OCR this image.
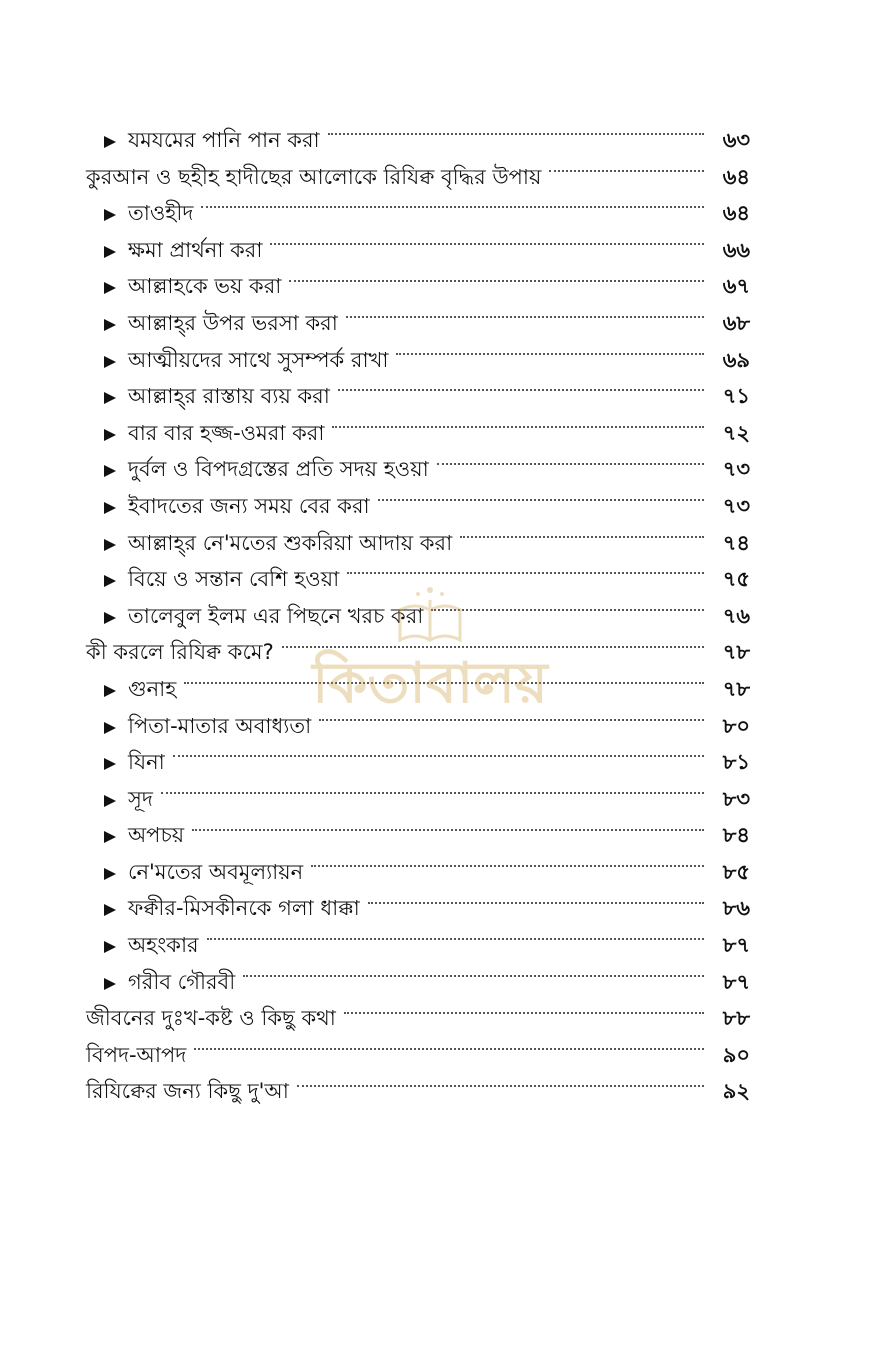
যমযমের পানি পান করা	৬৩
কুরআন ও ছহীহ হাদীছের আলোকে রিযিক্ব বৃদ্ধির উপায়	৬৪
তাওহীদ	৬৪
ক্ষমা প্রার্থনা করা	৬৬
আল্লাহকে ভয় করা	৬৭
আল্লাহ্‌র উপর ভরসা করা	৬৮
আত্মীয়দের সাথে সুসম্পর্ক রাখা	৬৯
আল্লাহ্‌র রাস্তায় ব্যয় করা	৭১
বার বার হজ্জ-ওমরা করা	৭২
দুর্বল ও বিপদগ্রস্তের প্রতি সদয় হওয়া	৭৩
ইবাদতের জন্য সময় বের করা	৭৩
আল্লাহ্‌র নে'মতের শুকরিয়া আদায় করা	৭৪
বিয়ে ও সন্তান বেশি হওয়া	৭৫
তালেবুল ইলম এর পিছনে খরচ করা	৭৬
কী করলে রিযিক্ব কমে?	৭৮
গুনাহ	৭৮
পিতা-মাতার অবাধ্যতা	৮০
যিনা	৮১
সূদ	৮৩
অপচয়	৮৪
নে'মতের অবমূল্যায়ন	৮৫
ফক্বীর-মিসকীনকে গলা ধাক্কা	৮৬
অহংকার	৮৭
গরীব গৌরবী	৮৭
জীবনের দুঃখ-কষ্ট ও কিছু কথা	৮৮
বিপদ-আপদ	৯০
রিযিক্বের জন্য কিছু দু'আ	৯২
কিতাবালয়
